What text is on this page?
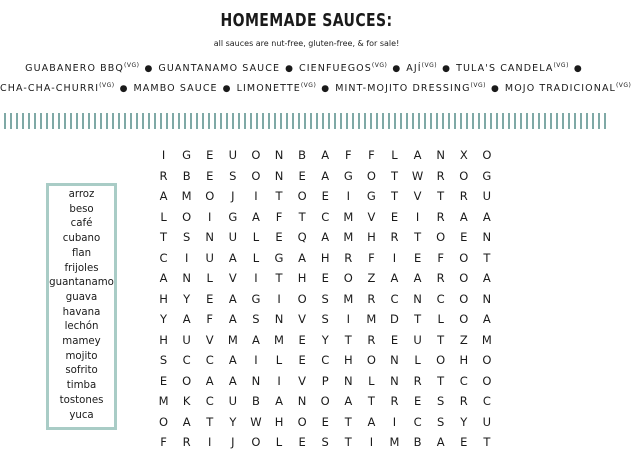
HOMEMADE SAUCES:
all sauces are nut-free, gluten-free, & for sale!
GUABANERO $BBQ^{(VG)}$ ● GUANTANAMO SAUCE ● $CIENFUEGOS^{(VG)}$ ● $AJÍ^{(VG)}$ ● TULA'S $CANDELA^{(VG)}$ ●
CHA-$CHA-CHURRI^{(VG)}$ ● MAMBO SAUCE ● $LIMONETTE^{(VG)}$ ● MINT-MOJITO $DRESSING^{(VG)}$ ● MOJO $TRADICIONAL^{(VG)}$
arroz
beso
café
cubano
flan
frijoles
guantanamo
guava
havana
lechón
mamey
mojito
sofrito
timba
tostones
yuca
I	G	E	U	O	N	B	A	F	F	L	A	N	X	O
R	B	E	S	O	N	E	A	G	O	T	W	R	O	G
A	M	O	J	I	T	O	E	I	G	T	V	T	R	U
L	O	I	G	A	F	T	C	M	V	E	I	R	A	A
T	S	N	U	L	E	Q	A	M	H	R	T	O	E	N
C	I	U	A	L	G	A	H	R	F	I	E	F	O	T
A	N	L	V	I	T	H	E	O	Z	A	A	R	O	A
H	Y	E	A	G	I	O	S	M	R	C	N	C	O	N
Y	A	F	A	S	N	V	S	I	M	D	T	L	O	A
H	U	V	M	A	M	E	Y	T	R	E	U	T	Z	M
S	C	C	A	I	L	E	C	H	O	N	L	O	H	O
E	O	A	A	N	I	V	P	N	L	N	R	T	C	O
M	K	C	U	B	A	N	O	A	T	R	E	S	R	C
O	A	T	Y	W	H	O	E	T	A	I	C	S	Y	U
F	R	I	J	O	L	E	S	T	I	M	B	A	E	T
